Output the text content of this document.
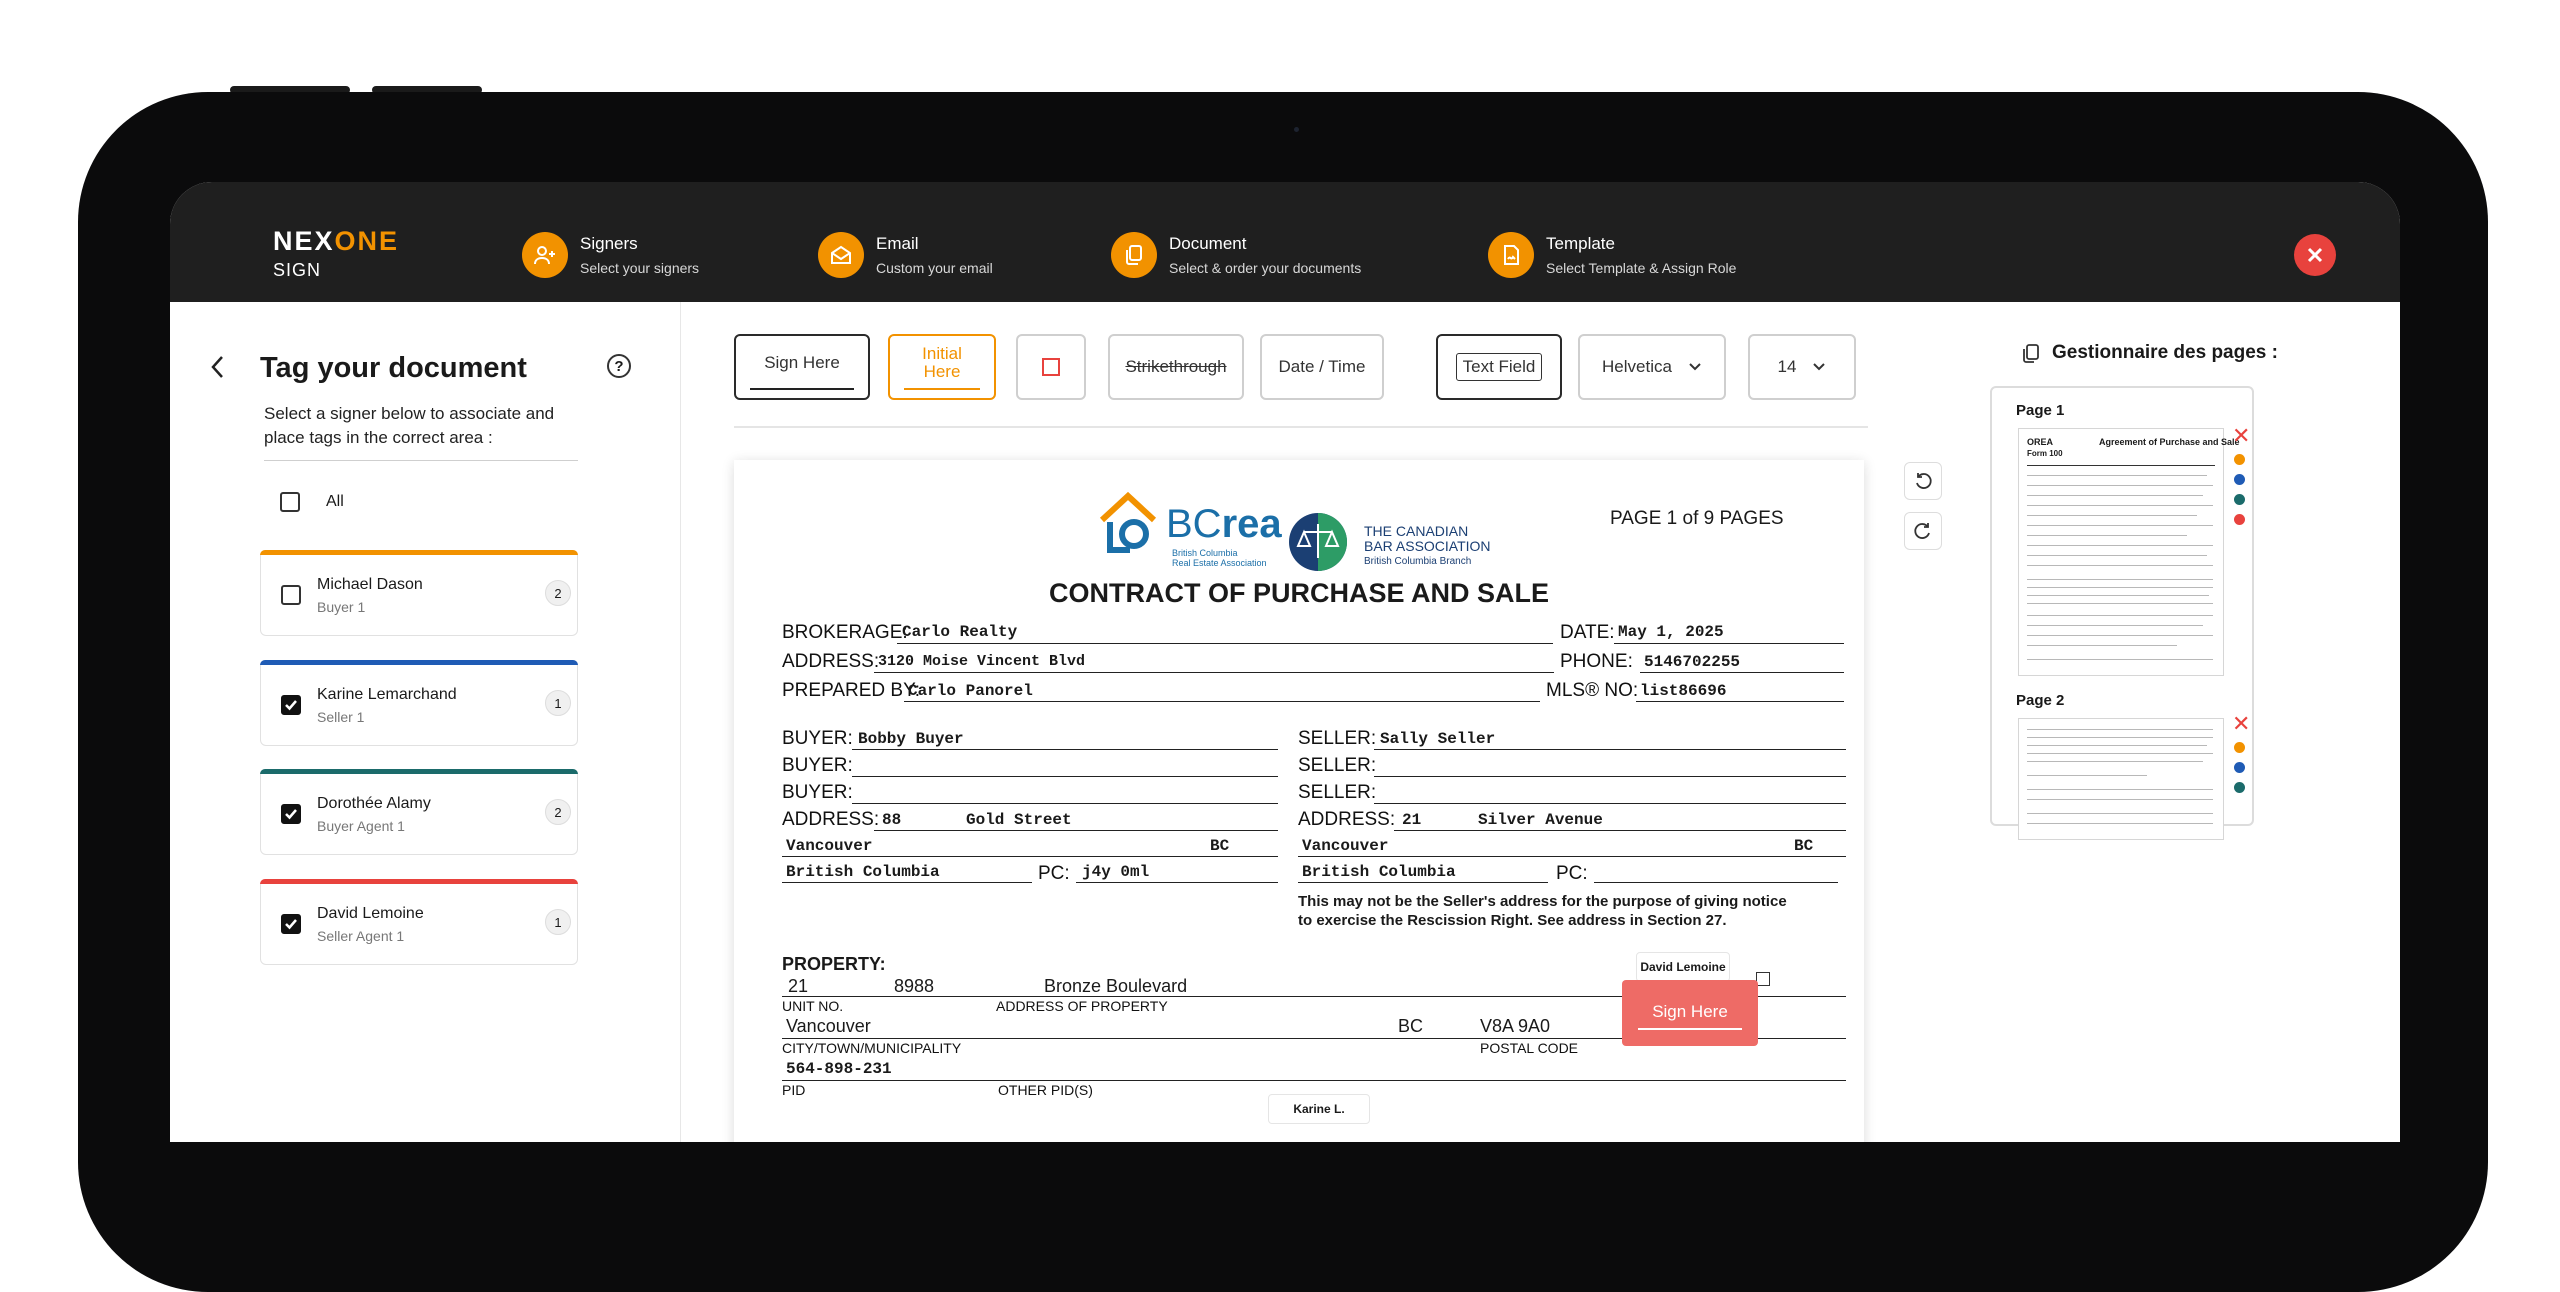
NEXONE
SIGN
Signers
Select your signers
Email
Custom your email
Document
Select & order your documents
Template
Select Template & Assign Role
Tag your document	?
Select a signer below to associate and place tags in the correct area :
All
Michael Dason
Buyer 1
2
Karine Lemarchand
Seller 1
1
Dorothée Alamy
Buyer Agent 1
2
David Lemoine
Seller Agent 1
1
Sign Here	Initial Here	Strikethrough	Date / Time	Text Field	Helvetica	14
BCrea
British Columbia
Real Estate Association
THE CANADIAN
BAR ASSOCIATION
British Columbia Branch
PAGE 1 of 9 PAGES
CONTRACT OF PURCHASE AND SALE
BROKERAGE:
Carlo Realty	DATE: May 1, 2025
ADDRESS:
3120 Moise Vincent Blvd	PHONE: 5146702255
PREPARED BY:
Carlo Panorel	MLS® NO: list86696
BUYER: Bobby Buyer
BUYER:
BUYER:
ADDRESS: 88	Gold Street
Vancouver	BC
British Columbia	PC: j4y 0ml
SELLER: Sally Seller
SELLER:
SELLER:
ADDRESS: 21	Silver Avenue
Vancouver	BC
British Columbia	PC:
This may not be the Seller's address for the purpose of giving notice
to exercise the Rescission Right. See address in Section 27.
PROPERTY:
21	8988	Bronze Boulevard
UNIT NO.	ADDRESS OF PROPERTY
Vancouver	BC	V8A 9A0
CITY/TOWN/MUNICIPALITY	POSTAL CODE
564-898-231
PID	OTHER PID(S)
David Lemoine
Sign Here
Karine L.
Gestionnaire des pages :
Page 1
OREA	Agreement of Purchase and Sale
Form 100
✕
Page 2
✕
